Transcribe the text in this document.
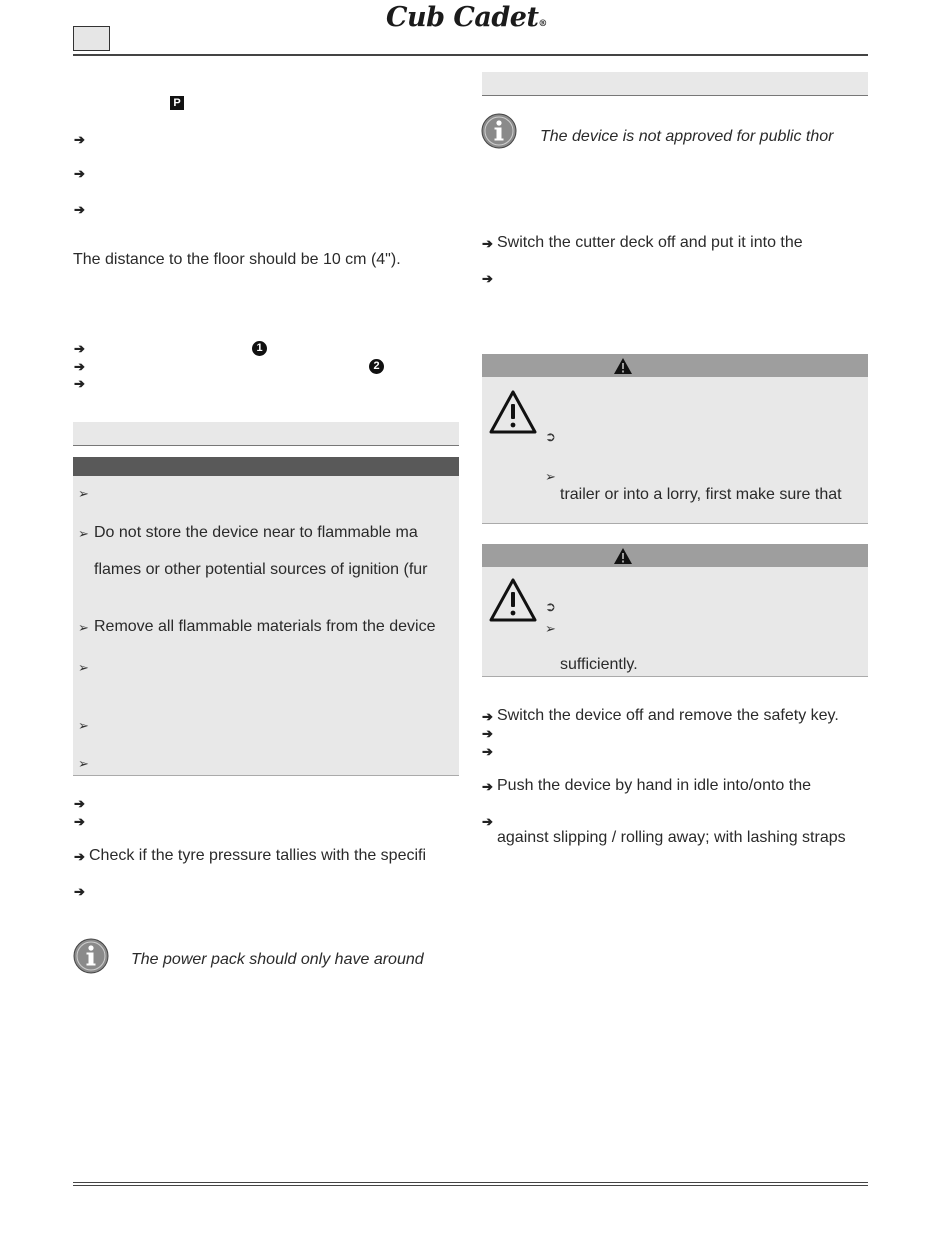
Cub Cadet®
P
➔
➔
➔
The distance to the floor should be 10 cm (4").
➔	1
➔	2
➔
➢
➢ Do not store the device near to flammable ma
flames or other potential sources of ignition (fur
➢ Remove all flammable materials from the device
➢
➢
➢
➔
➔
➔ Check if the tyre pressure tallies with the specifi
➔
The power pack should only have around
The device is not approved for public thor
➔ Switch the cutter deck off and put it into the
➔
➲
➢
trailer or into a lorry, first make sure that
➲
➢
sufficiently.
➔ Switch the device off and remove the safety key.
➔
➔
➔ Push the device by hand in idle into/onto the
➔
against slipping / rolling away; with lashing straps
